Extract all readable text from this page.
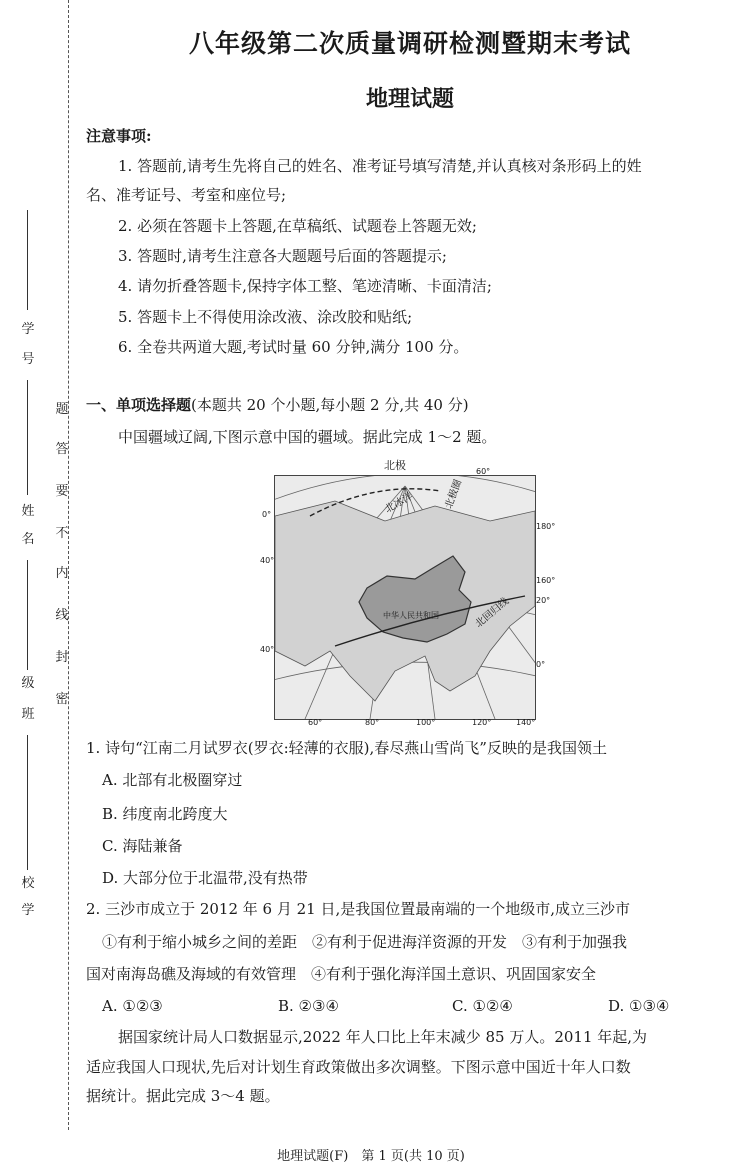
学
号
姓
名
班
级
学
校
题
答
要
不
内
线
封
密
八年级第二次质量调研检测暨期末考试
地理试题
注意事项:
1. 答题前,请考生先将自己的姓名、准考证号填写清楚,并认真核对条形码上的姓
名、准考证号、考室和座位号;
2. 必须在答题卡上答题,在草稿纸、试题卷上答题无效;
3. 答题时,请考生注意各大题题号后面的答题提示;
4. 请勿折叠答题卡,保持字体工整、笔迹清晰、卡面清洁;
5. 答题卡上不得使用涂改液、涂改胶和贴纸;
6. 全卷共两道大题,考试时量 60 分钟,满分 100 分。
一、单项选择题(本题共 20 个小题,每小题 2 分,共 40 分)
中国疆域辽阔,下图示意中国的疆域。据此完成 1～2 题。
北极
北极圈
北冰洋
北回归线
中华人民共和国
60°
0°
180°
40°
160°
20°
40°
0°
60°	80°	100°	120°	140°
1. 诗句“江南二月试罗衣(罗衣:轻薄的衣服),春尽燕山雪尚飞”反映的是我国领土
A. 北部有北极圈穿过
B. 纬度南北跨度大
C. 海陆兼备
D. 大部分位于北温带,没有热带
2. 三沙市成立于 2012 年 6 月 21 日,是我国位置最南端的一个地级市,成立三沙市
①有利于缩小城乡之间的差距　②有利于促进海洋资源的开发　③有利于加强我
国对南海岛礁及海域的有效管理　④有利于强化海洋国土意识、巩固国家安全
A. ①②③	B. ②③④	C. ①②④	D. ①③④
据国家统计局人口数据显示,2022 年人口比上年末减少 85 万人。2011 年起,为
适应我国人口现状,先后对计划生育政策做出多次调整。下图示意中国近十年人口数
据统计。据此完成 3～4 题。
地理试题(F)　第 1 页(共 10 页)
